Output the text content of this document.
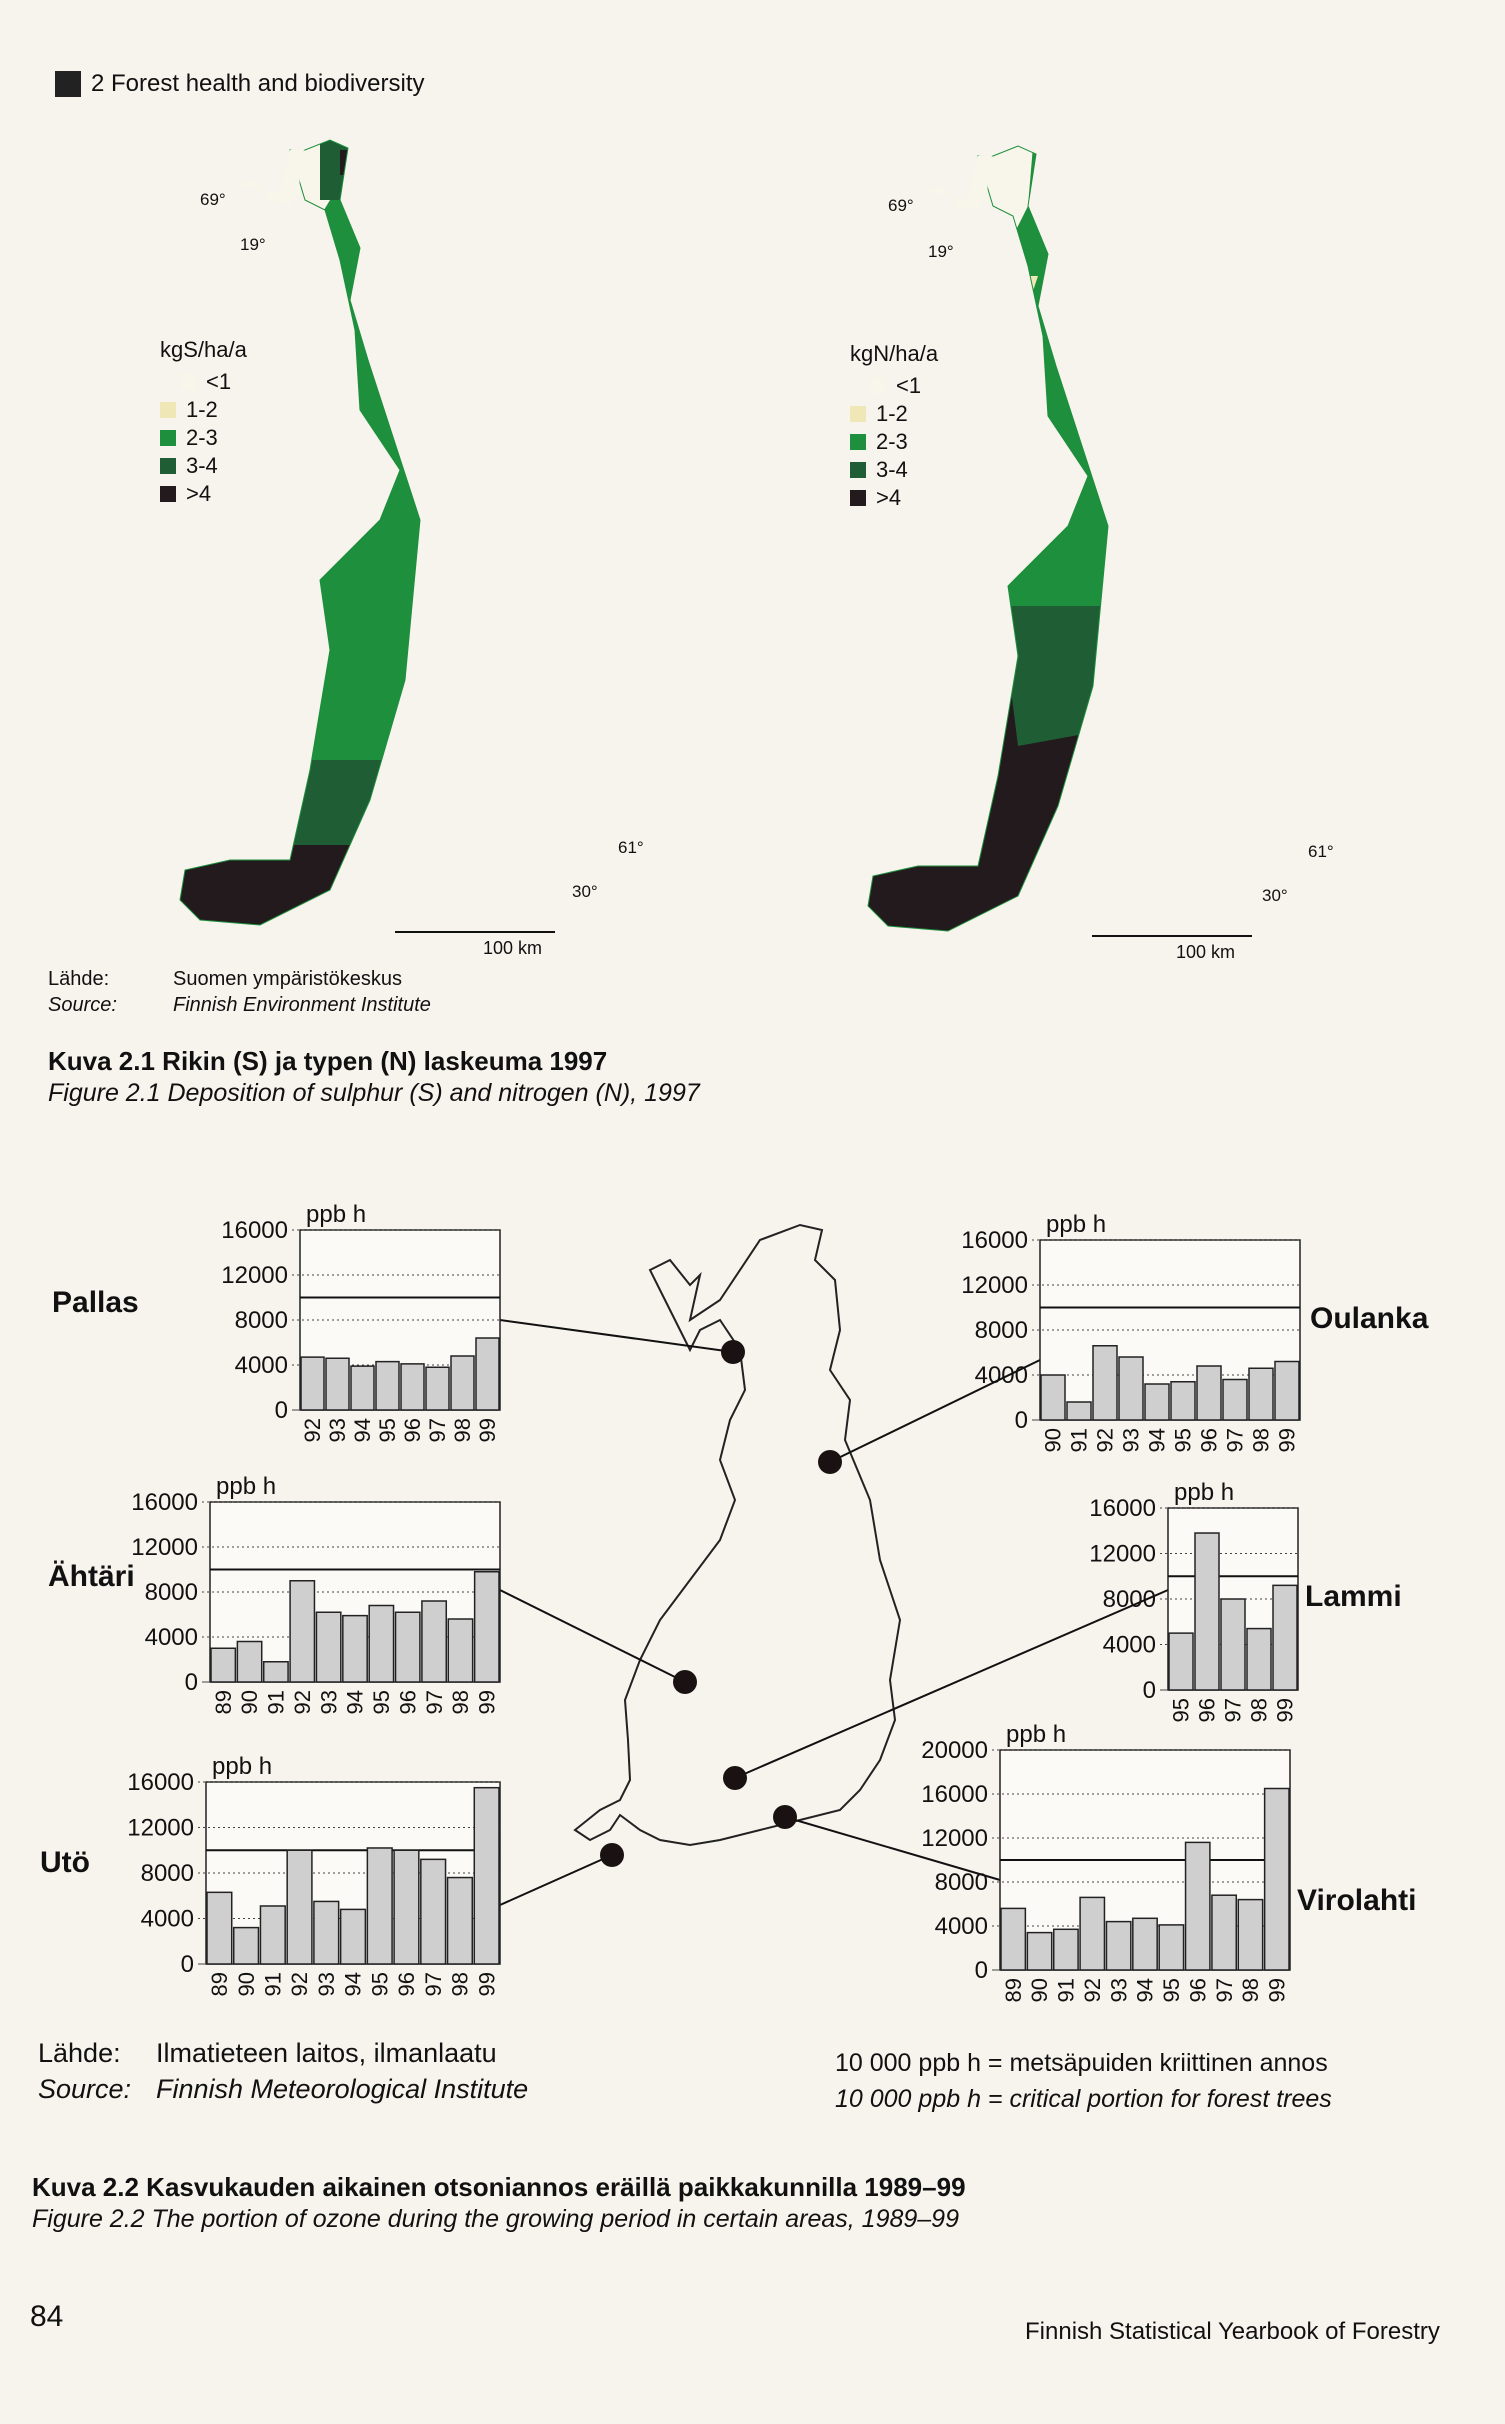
2 Forest health and biodiversity
69°
19°
61°
30°
100 km
kgS/ha/a
<1
1-2
2-3
3-4
>4
69°
19°
61°
30°
100 km
kgN/ha/a
<1
1-2
2-3
3-4
>4
Lähde:	Suomen ympäristökeskus
Source:	Finnish Environment Institute
Kuva 2.1 Rikin (S) ja typen (N) laskeuma 1997
Figure 2.1 Deposition of sulphur (S) and nitrogen (N), 1997
0
4000
8000
12000
16000
ppb h
92 93 94 95 96 97 98 99
0
4000
8000
12000
16000
ppb h
89 90 91 92 93 94 95 96 97 98 99
0
4000
8000
12000
16000
ppb h
89 90 91 92 93 94 95 96 97 98 99
0
4000
8000
12000
16000
ppb h
90 91 92 93 94 95 96 97 98 99
0
4000
8000
12000
16000
ppb h
95 96 97 98 99
0
4000
8000
12000
16000
20000
ppb h
89 90 91 92 93 94 95 96 97 98 99
Pallas
Ähtäri
Utö
Oulanka
Lammi
Virolahti
Lähde: Ilmatieteen laitos, ilmanlaatu
Source: Finnish Meteorological Institute
10 000 ppb h = metsäpuiden kriittinen annos
10 000 ppb h = critical portion for forest trees
Kuva 2.2 Kasvukauden aikainen otsoniannos eräillä paikkakunnilla 1989–99
Figure 2.2 The portion of ozone during the growing period in certain areas, 1989–99
84	Finnish Statistical Yearbook of Forestry
